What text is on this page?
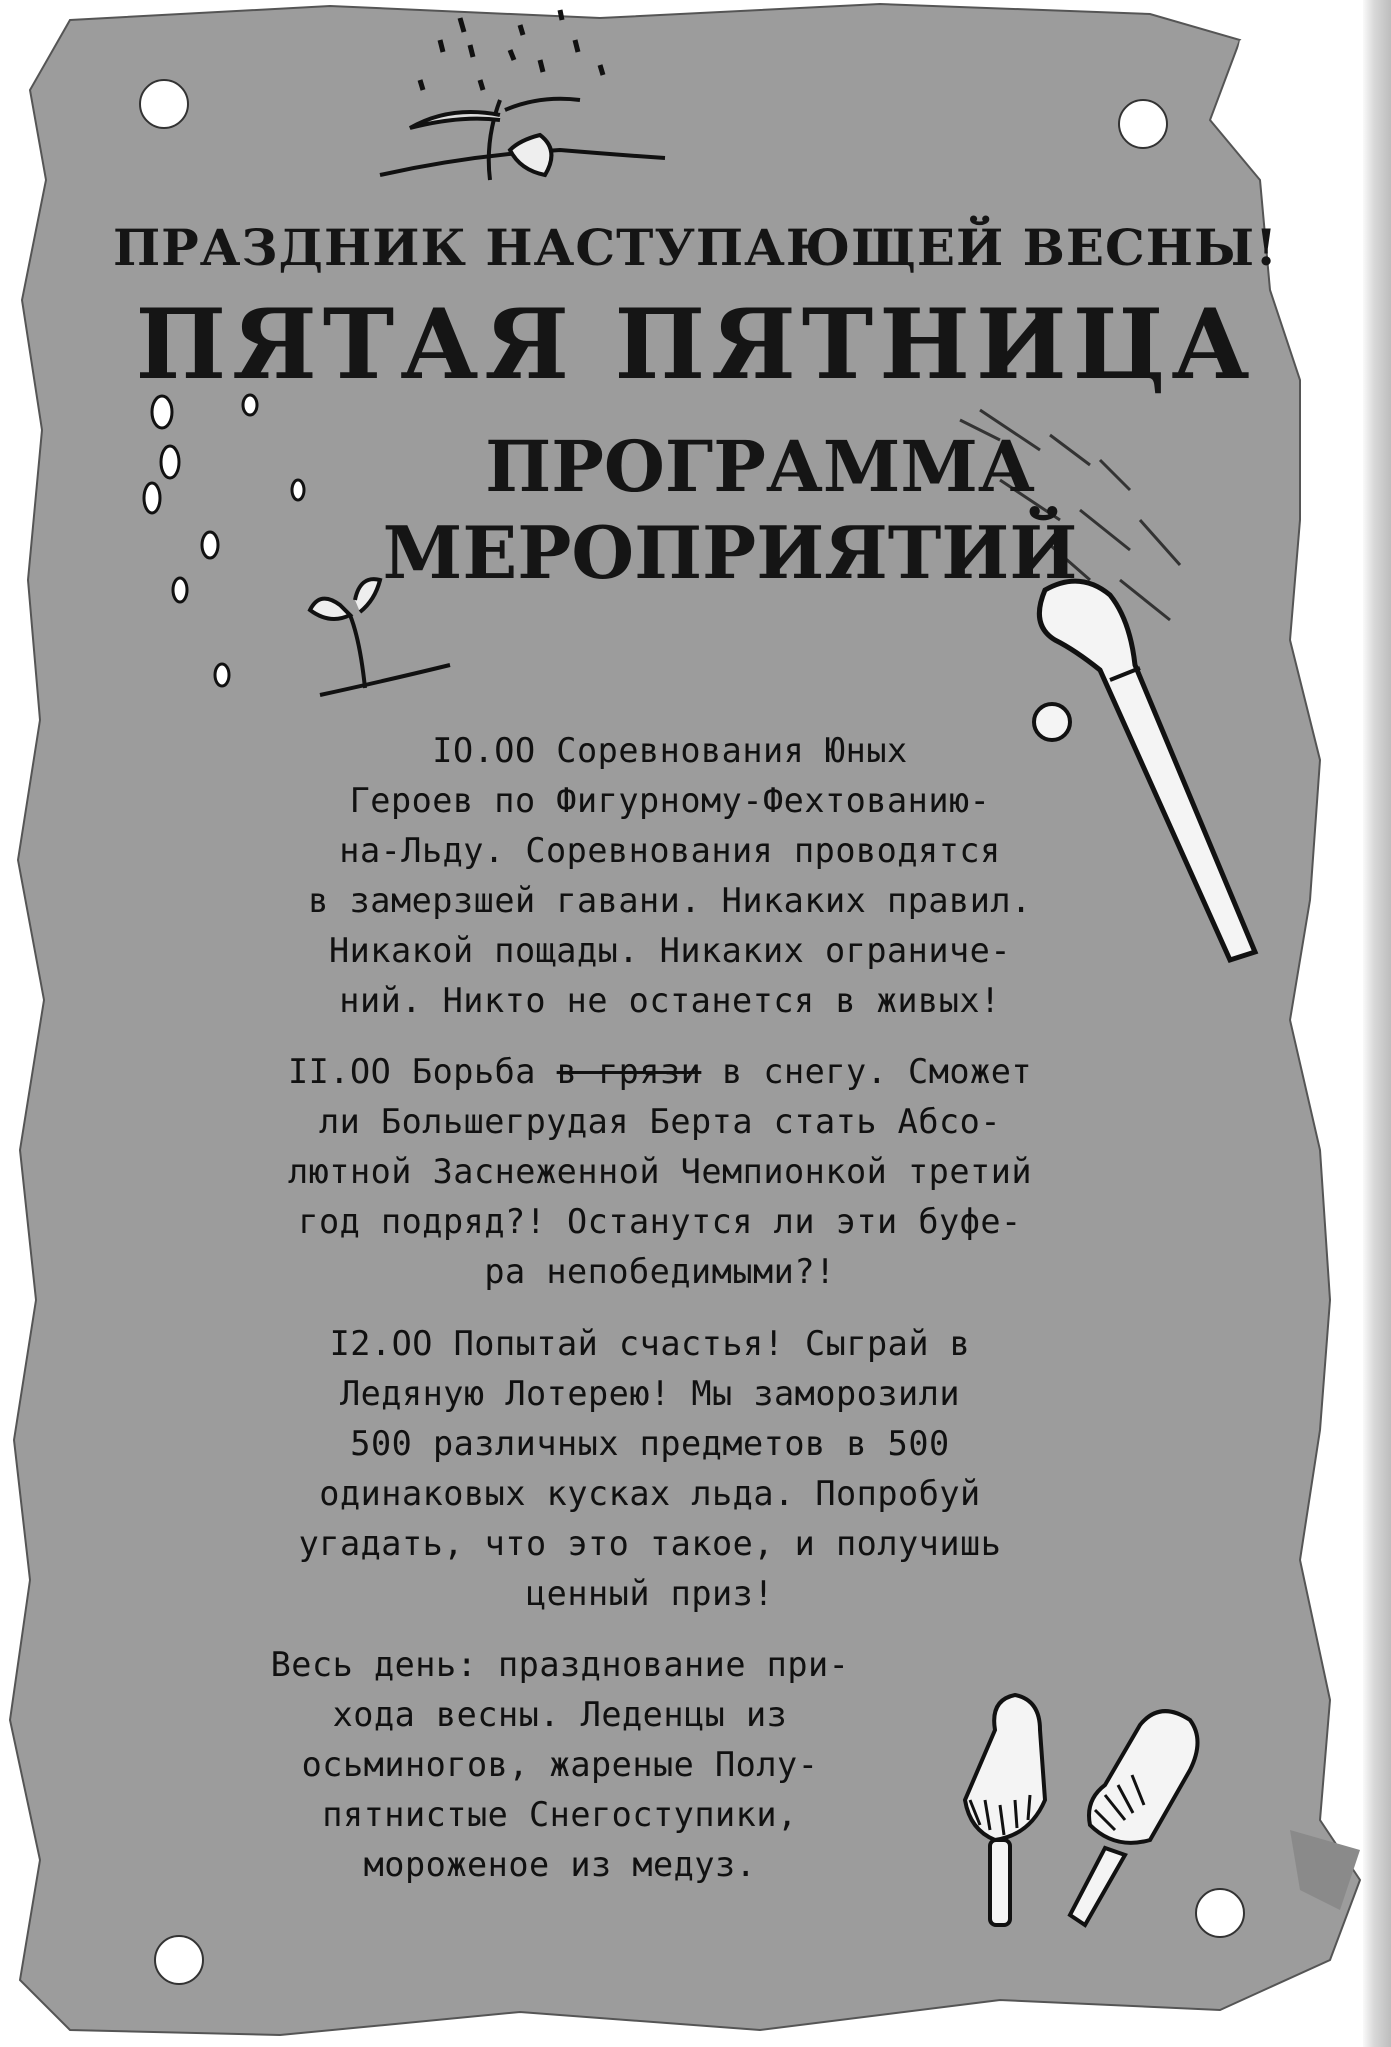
ПРАЗДНИК НАСТУПАЮЩЕЙ ВЕСНЫ!
ПЯТАЯ ПЯТНИЦА
ПРОГРАММА
МЕРОПРИЯТИЙ
IO.OO Соревнования Юных
Героев по Фигурному-Фехтованию-
на-Льду. Соревнования проводятся
в замерзшей гавани. Никаких правил.
Никакой пощады. Никаких ограниче-
ний. Никто не останется в живых!
II.OO Борьба в грязи в снегу. Сможет
ли Большегрудая Берта стать Абсо-
лютной Заснеженной Чемпионкой третий
год подряд?! Останутся ли эти буфе-
ра непобедимыми?!
I2.OO Попытай счастья! Сыграй в
Ледяную Лотерею! Мы заморозили
500 различных предметов в 500
одинаковых кусках льда. Попробуй
угадать, что это такое, и получишь
ценный приз!
Весь день: празднование при-
хода весны. Леденцы из
осьминогов, жареные Полу-
пятнистые Снегоступики,
мороженое из медуз.
